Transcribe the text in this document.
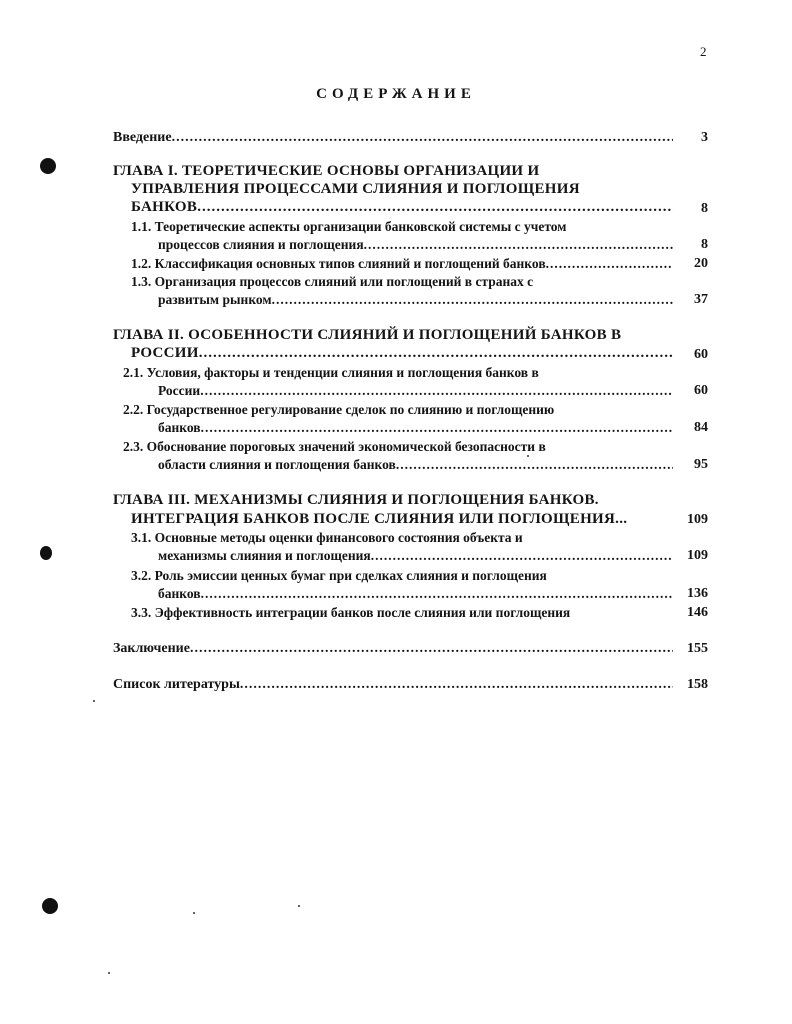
2
СОДЕРЖАНИЕ
Введение .....	3
ГЛАВА I. ТЕОРЕТИЧЕСКИЕ ОСНОВЫ ОРГАНИЗАЦИИ И
УПРАВЛЕНИЯ ПРОЦЕССАМИ СЛИЯНИЯ И ПОГЛОЩЕНИЯ
БАНКОВ .....	8
1.1. Теоретические аспекты организации банковской системы с учетом
процессов слияния и поглощения .....	8
1.2. Классификация основных типов слияний и поглощений банков .....	20
1.3. Организация процессов слияний или поглощений в странах с
развитым рынком .....	37
ГЛАВА II. ОСОБЕННОСТИ СЛИЯНИЙ И ПОГЛОЩЕНИЙ БАНКОВ В
РОССИИ .....	60
2.1. Условия, факторы и тенденции слияния и поглощения банков в
России .....	60
2.2. Государственное регулирование сделок по слиянию и поглощению
банков .....	84
2.3. Обоснование пороговых значений экономической безопасности в
области слияния и поглощения банков .....	95
ГЛАВА III. МЕХАНИЗМЫ СЛИЯНИЯ И ПОГЛОЩЕНИЯ БАНКОВ.
ИНТЕГРАЦИЯ БАНКОВ ПОСЛЕ СЛИЯНИЯ ИЛИ ПОГЛОЩЕНИЯ...	109
3.1. Основные методы оценки финансового состояния объекта и
механизмы слияния и поглощения .....	109
3.2. Роль эмиссии ценных бумаг при сделках слияния и поглощения
банков .....	136
3.3. Эффективность интеграции банков после слияния или поглощения	146
Заключение .....	155
Список литературы .....	158
